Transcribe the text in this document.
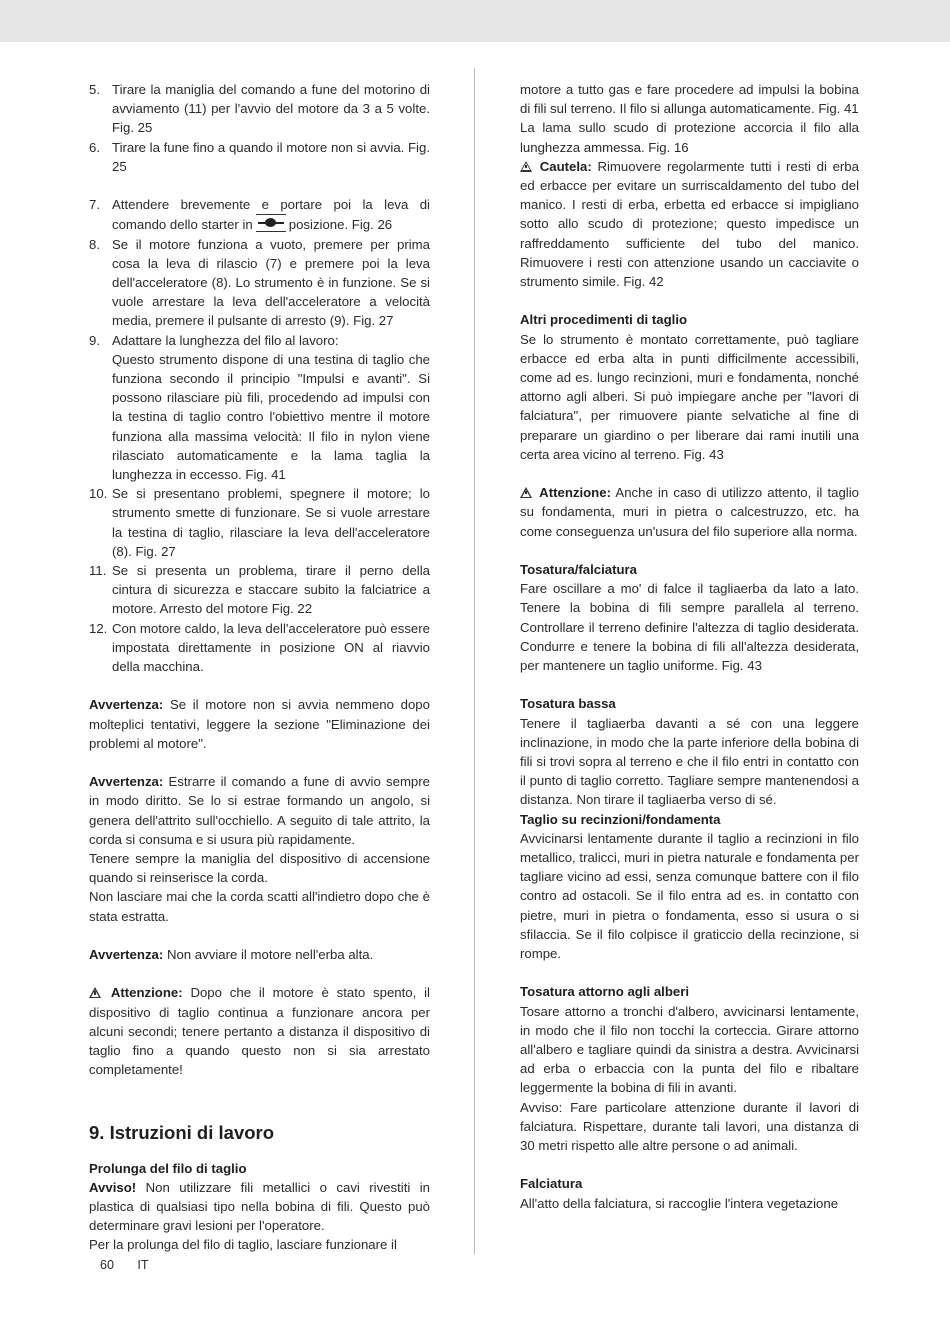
5. Tirare la maniglia del comando a fune del motorino di avviamento (11) per l'avvio del motore da 3 a 5 volte. Fig. 25
6. Tirare la fune fino a quando il motore non si avvia. Fig. 25
7. Attendere brevemente e portare poi la leva di comando dello starter in	posizione. Fig. 26
8. Se il motore funziona a vuoto, premere per prima cosa la leva di rilascio (7) e premere poi la leva dell'acceleratore (8). Lo strumento è in funzione. Se si vuole arrestare la leva dell'acceleratore a velocità media, premere il pulsante di arresto (9). Fig. 27
9. Adattare la lunghezza del filo al lavoro:
Questo strumento dispone di una testina di taglio che funziona secondo il principio "Impulsi e avanti". Si possono rilasciare più fili, procedendo ad impulsi con la testina di taglio contro l'obiettivo mentre il motore funziona alla massima velocità: Il filo in nylon viene rilasciato automaticamente e la lama taglia la lunghezza in eccesso. Fig. 41
10. Se si presentano problemi, spegnere il motore; lo strumento smette di funzionare. Se si vuole arrestare la testina di taglio, rilasciare la leva dell'acceleratore (8). Fig. 27
11. Se si presenta un problema, tirare il perno della cintura di sicurezza e staccare subito la falciatrice a motore. Arresto del motore Fig. 22
12. Con motore caldo, la leva dell'acceleratore può essere impostata direttamente in posizione ON al riavvio della macchina.

Avvertenza: Se il motore non si avvia nemmeno dopo molteplici tentativi, leggere la sezione "Eliminazione dei problemi al motore".

Avvertenza: Estrarre il comando a fune di avvio sempre in modo diritto. Se lo si estrae formando un angolo, si genera dell'attrito sull'occhiello. A seguito di tale attrito, la corda si consuma e si usura più rapidamente.

Tenere sempre la maniglia del dispositivo di accensione quando si reinserisce la corda.

Non lasciare mai che la corda scatti all'indietro dopo che è stata estratta.

Avvertenza: Non avviare il motore nell'erba alta.

Attenzione: Dopo che il motore è stato spento, il dispositivo di taglio continua a funzionare ancora per alcuni secondi; tenere pertanto a distanza il dispositivo di taglio fino a quando questo non si sia arrestato completamente!

9. Istruzioni di lavoro

Prolunga del filo di taglio

Avviso! Non utilizzare fili metallici o cavi rivestiti in plastica di qualsiasi tipo nella bobina di fili. Questo può determinare gravi lesioni per l'operatore.

Per la prolunga del filo di taglio, lasciare funzionare il

motore a tutto gas e fare procedere ad impulsi la bobina di fili sul terreno. Il filo si allunga automaticamente. Fig. 41

La lama sullo scudo di protezione accorcia il filo alla lunghezza ammessa. Fig. 16

Cautela: Rimuovere regolarmente tutti i resti di erba ed erbacce per evitare un surriscaldamento del tubo del manico. I resti di erba, erbetta ed erbacce si impigliano sotto allo scudo di protezione; questo impedisce un raffreddamento sufficiente del tubo del manico. Rimuovere i resti con attenzione usando un cacciavite o strumento simile. Fig. 42

Altri procedimenti di taglio

Se lo strumento è montato correttamente, può tagliare erbacce ed erba alta in punti difficilmente accessibili, come ad es. lungo recinzioni, muri e fondamenta, nonché attorno agli alberi. Si può impiegare anche per "lavori di falciatura", per rimuovere piante selvatiche al fine di preparare un giardino o per liberare dai rami inutili una certa area vicino al terreno. Fig. 43

Attenzione: Anche in caso di utilizzo attento, il taglio su fondamenta, muri in pietra o calcestruzzo, etc. ha come conseguenza un'usura del filo superiore alla norma.

Tosatura/falciatura

Fare oscillare a mo' di falce il tagliaerba da lato a lato. Tenere la bobina di fili sempre parallela al terreno. Controllare il terreno definire l'altezza di taglio desiderata. Condurre e tenere la bobina di fili all'altezza desiderata, per mantenere un taglio uniforme. Fig. 43

Tosatura bassa

Tenere il tagliaerba davanti a sé con una leggere inclinazione, in modo che la parte inferiore della bobina di fili si trovi sopra al terreno e che il filo entri in contatto con il punto di taglio corretto. Tagliare sempre mantenendosi a distanza. Non tirare il tagliaerba verso di sé.

Taglio su recinzioni/fondamenta

Avvicinarsi lentamente durante il taglio a recinzioni in filo metallico, tralicci, muri in pietra naturale e fondamenta per tagliare vicino ad essi, senza comunque battere con il filo contro ad ostacoli. Se il filo entra ad es. in contatto con pietre, muri in pietra o fondamenta, esso si usura o si sfilaccia. Se il filo colpisce il graticcio della recinzione, si rompe.

Tosatura attorno agli alberi

Tosare attorno a tronchi d'albero, avvicinarsi lentamente, in modo che il filo non tocchi la corteccia. Girare attorno all'albero e tagliare quindi da sinistra a destra. Avvicinarsi ad erba o erbaccia con la punta del filo e ribaltare leggermente la bobina di fili in avanti.

Avviso: Fare particolare attenzione durante il lavori di falciatura. Rispettare, durante tali lavori, una distanza di 30 metri rispetto alle altre persone o ad animali.

Falciatura

All'atto della falciatura, si raccoglie l'intera vegetazione

60 IT
